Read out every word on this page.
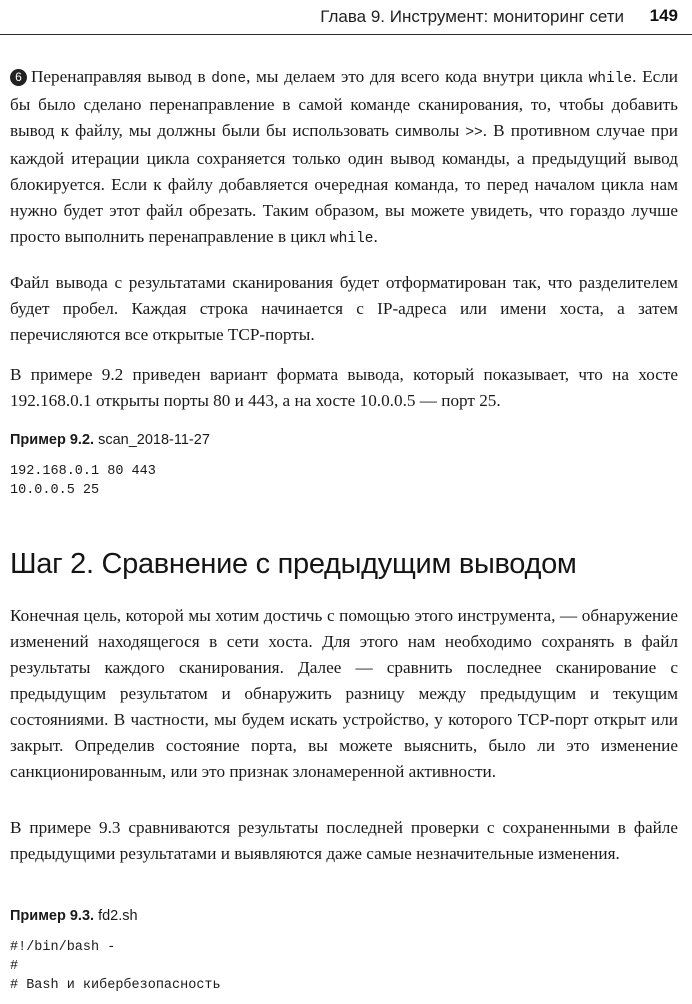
Глава 9. Инструмент: мониторинг сети 149

6 Перенаправляя вывод в done, мы делаем это для всего кода внутри цикла while. Если бы было сделано перенаправление в самой команде сканирования, то, чтобы добавить вывод к файлу, мы должны были бы использовать символы >>. В противном случае при каждой итерации цикла сохраняется только один вывод команды, а предыдущий вывод блокируется. Если к файлу добавляется очередная команда, то перед началом цикла нам нужно будет этот файл обрезать. Таким образом, вы можете увидеть, что гораздо лучше просто выполнить перенаправление в цикл while.

Файл вывода с результатами сканирования будет отформатирован так, что разделителем будет пробел. Каждая строка начинается с IP-адреса или имени хоста, а затем перечисляются все открытые TCP-порты.

В примере 9.2 приведен вариант формата вывода, который показывает, что на хосте 192.168.0.1 открыты порты 80 и 443, а на хосте 10.0.0.5 — порт 25.

Пример 9.2. scan_2018-11-27
192.168.0.1 80 443
10.0.0.5 25
Шаг 2. Сравнение с предыдущим выводом

Конечная цель, которой мы хотим достичь с помощью этого инструмента, — обнаружение изменений находящегося в сети хоста. Для этого нам необходимо сохранять в файл результаты каждого сканирования. Далее — сравнить последнее сканирование с предыдущим результатом и обнаружить разницу между предыдущим и текущим состояниями. В частности, мы будем искать устройство, у которого TCP-порт открыт или закрыт. Определив состояние порта, вы можете выяснить, было ли это изменение санкционированным, или это признак злонамеренной активности.

В примере 9.3 сравниваются результаты последней проверки с сохраненными в файле предыдущими результатами и выявляются даже самые незначительные изменения.

Пример 9.3. fd2.sh
#!/bin/bash -
#
# Bash и кибербезопасность
